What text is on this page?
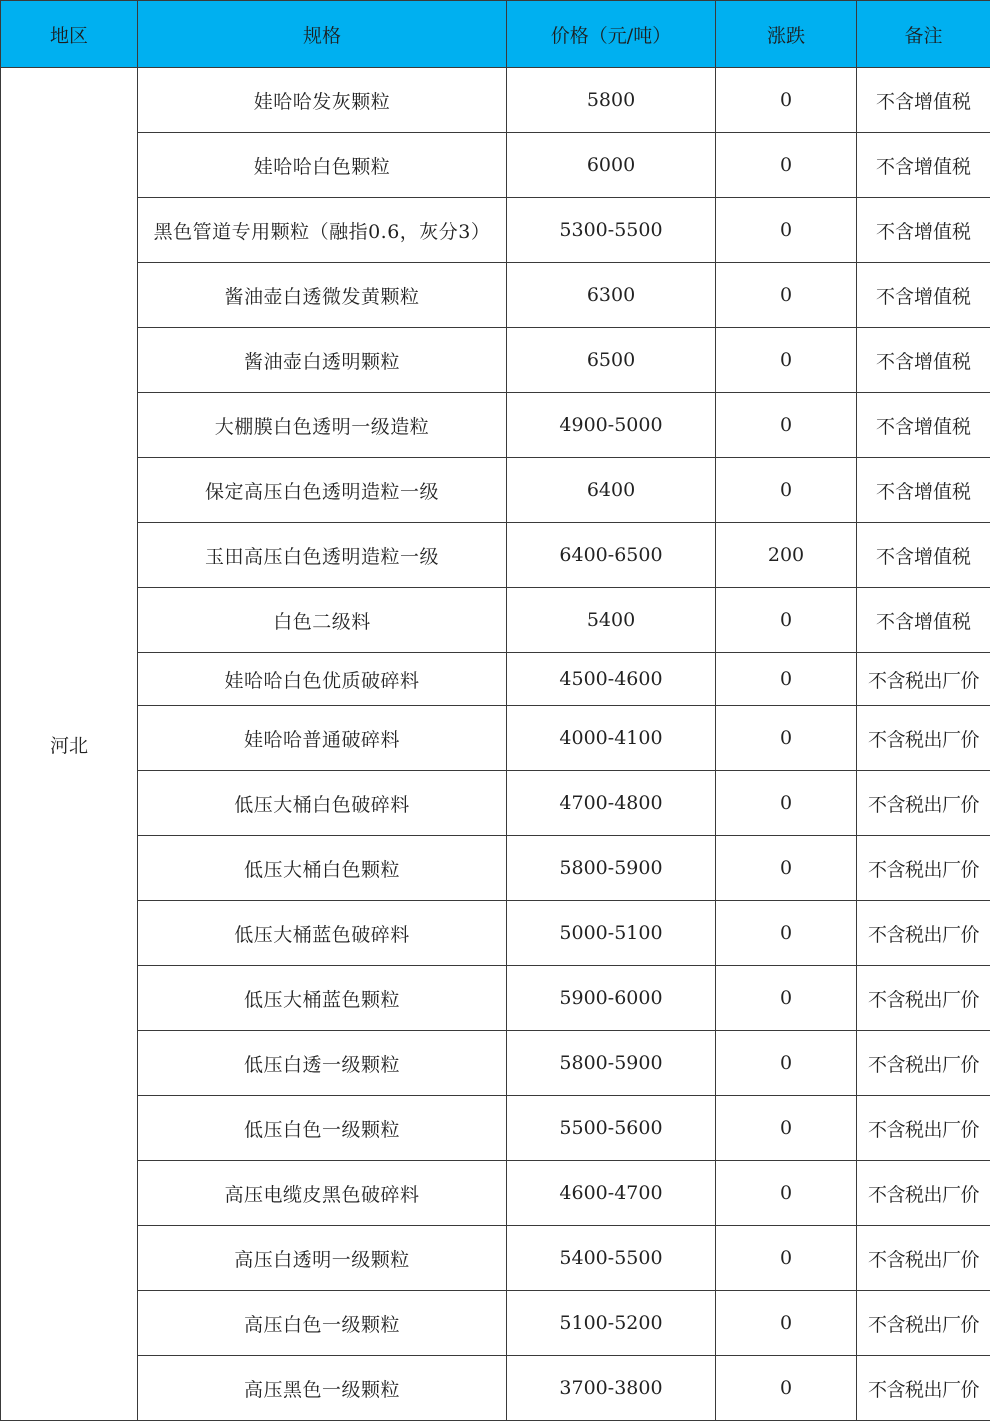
地区	规格	价格（元/吨）	涨跌	备注
河北	娃哈哈发灰颗粒	5800	0	不含增值税
	娃哈哈白色颗粒	6000	0	不含增值税
	黑色管道专用颗粒（融指0.6，灰分3）	5300-5500	0	不含增值税
	酱油壶白透微发黄颗粒	6300	0	不含增值税
	酱油壶白透明颗粒	6500	0	不含增值税
	大棚膜白色透明一级造粒	4900-5000	0	不含增值税
	保定高压白色透明造粒一级	6400	0	不含增值税
	玉田高压白色透明造粒一级	6400-6500	200	不含增值税
	白色二级料	5400	0	不含增值税
	娃哈哈白色优质破碎料	4500-4600	0	不含税出厂价
	娃哈哈普通破碎料	4000-4100	0	不含税出厂价
	低压大桶白色破碎料	4700-4800	0	不含税出厂价
	低压大桶白色颗粒	5800-5900	0	不含税出厂价
	低压大桶蓝色破碎料	5000-5100	0	不含税出厂价
	低压大桶蓝色颗粒	5900-6000	0	不含税出厂价
	低压白透一级颗粒	5800-5900	0	不含税出厂价
	低压白色一级颗粒	5500-5600	0	不含税出厂价
	高压电缆皮黑色破碎料	4600-4700	0	不含税出厂价
	高压白透明一级颗粒	5400-5500	0	不含税出厂价
	高压白色一级颗粒	5100-5200	0	不含税出厂价
	高压黑色一级颗粒	3700-3800	0	不含税出厂价
